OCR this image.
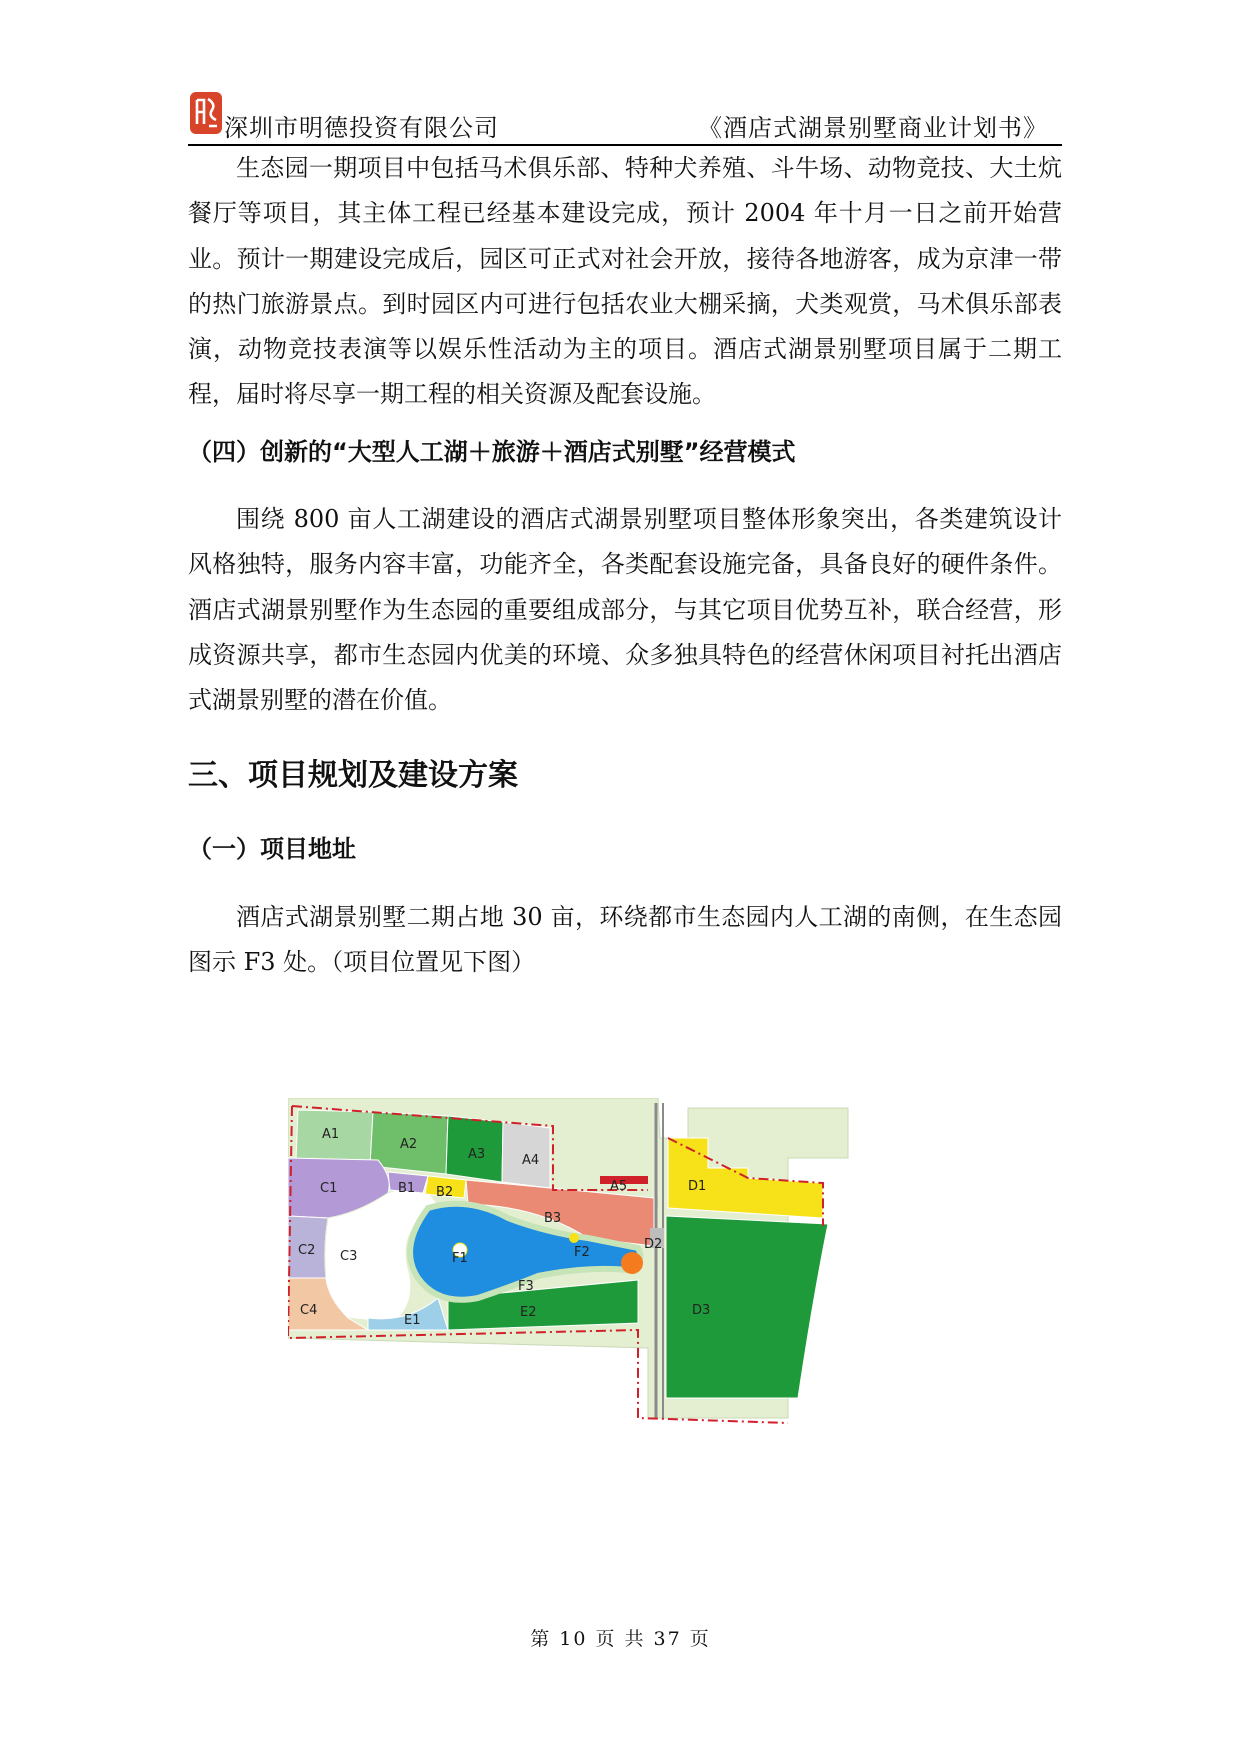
深圳市明德投资有限公司	《酒店式湖景别墅商业计划书》

生态园一期项目中包括马术俱乐部、特种犬养殖、斗牛场、动物竞技、大土炕餐厅等项目，其主体工程已经基本建设完成，预计 2004 年十月一日之前开始营业。预计一期建设完成后，园区可正式对社会开放，接待各地游客，成为京津一带的热门旅游景点。到时园区内可进行包括农业大棚采摘，犬类观赏，马术俱乐部表演，动物竞技表演等以娱乐性活动为主的项目。酒店式湖景别墅项目属于二期工程，届时将尽享一期工程的相关资源及配套设施。

（四）创新的“大型人工湖＋旅游＋酒店式别墅”经营模式

围绕 800 亩人工湖建设的酒店式湖景别墅项目整体形象突出，各类建筑设计风格独特，服务内容丰富，功能齐全，各类配套设施完备，具备良好的硬件条件。酒店式湖景别墅作为生态园的重要组成部分，与其它项目优势互补，联合经营，形成资源共享，都市生态园内优美的环境、众多独具特色的经营休闲项目衬托出酒店式湖景别墅的潜在价值。

三、项目规划及建设方案
（一）项目地址

酒店式湖景别墅二期占地 30 亩，环绕都市生态园内人工湖的南侧，在生态园图示 F3 处。（项目位置见下图）

A1
A2
A3	A4
A5
B1 B2
B3
C1
C2 C3
C4
D1
D2
D3
E1
E2
F1	F2
F3
第 10 页 共 37 页
